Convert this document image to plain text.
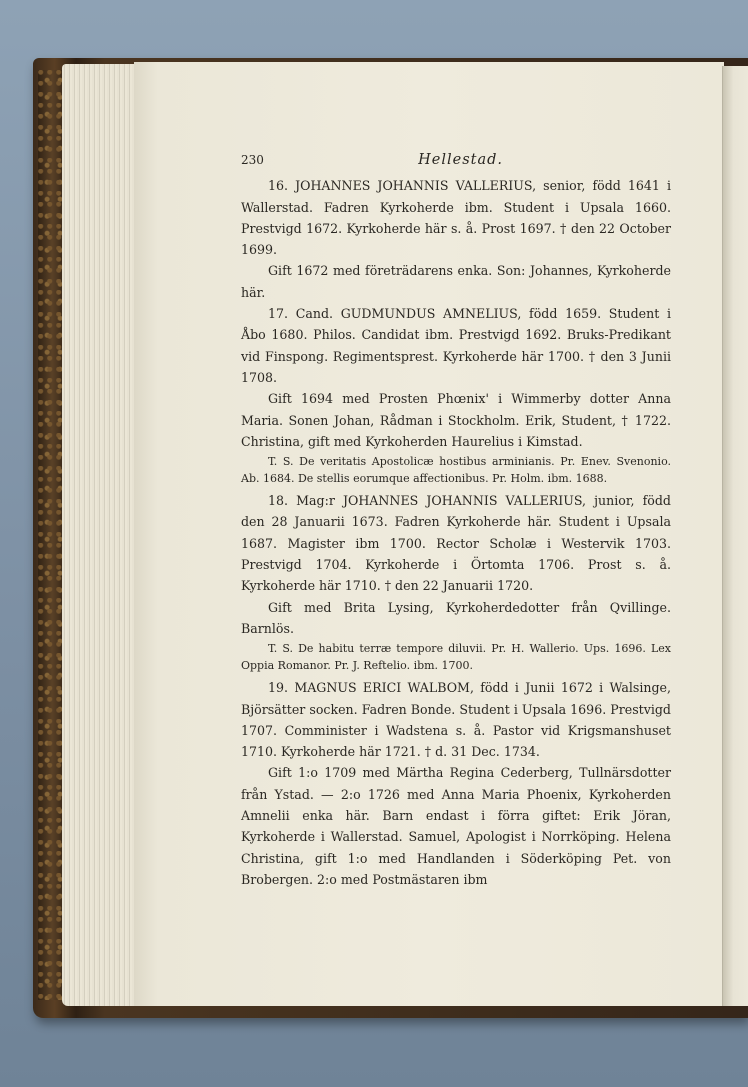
230	Hellestad.

16. JOHANNES JOHANNIS VALLERIUS, senior, född 1641 i Wallerstad. Fadren Kyrkoherde ibm. Student i Upsala 1660. Prestvigd 1672. Kyrkoherde här s. å. Prost 1697. † den 22 October 1699.

Gift 1672 med företrädarens enka. Son: Johannes, Kyrkoherde här.

17. Cand. GUDMUNDUS AMNELIUS, född 1659. Student i Åbo 1680. Philos. Candidat ibm. Prestvigd 1692. Bruks-Predikant vid Finspong. Regimentsprest. Kyrkoherde här 1700. † den 3 Junii 1708.

Gift 1694 med Prosten Phœnix' i Wimmerby dotter Anna Maria. Sonen Johan, Rådman i Stockholm. Erik, Student, † 1722. Christina, gift med Kyrkoherden Haurelius i Kimstad.

T. S. De veritatis Apostolicæ hostibus arminianis. Pr. Enev. Svenonio. Ab. 1684. De stellis eorumque affectionibus. Pr. Holm. ibm. 1688.

18. Mag:r JOHANNES JOHANNIS VALLERIUS, junior, född den 28 Januarii 1673. Fadren Kyrkoherde här. Student i Upsala 1687. Magister ibm 1700. Rector Scholæ i Westervik 1703. Prestvigd 1704. Kyrkoherde i Örtomta 1706. Prost s. å. Kyrkoherde här 1710. † den 22 Januarii 1720.

Gift med Brita Lysing, Kyrkoherdedotter från Qvillinge. Barnlös.

T. S. De habitu terræ tempore diluvii. Pr. H. Wallerio. Ups. 1696. Lex Oppia Romanor. Pr. J. Reftelio. ibm. 1700.

19. MAGNUS ERICI WALBOM, född i Junii 1672 i Walsinge, Björsätter socken. Fadren Bonde. Student i Upsala 1696. Prestvigd 1707. Comminister i Wadstena s. å. Pastor vid Krigsmanshuset 1710. Kyrkoherde här 1721. † d. 31 Dec. 1734.

Gift 1:o 1709 med Märtha Regina Cederberg, Tullnärsdotter från Ystad. — 2:o 1726 med Anna Maria Phoenix, Kyrkoherden Amnelii enka här. Barn endast i förra giftet: Erik Jöran, Kyrkoherde i Wallerstad. Samuel, Apologist i Norrköping. Helena Christina, gift 1:o med Handlanden i Söderköping Pet. von Brobergen. 2:o med Postmästaren ibm
